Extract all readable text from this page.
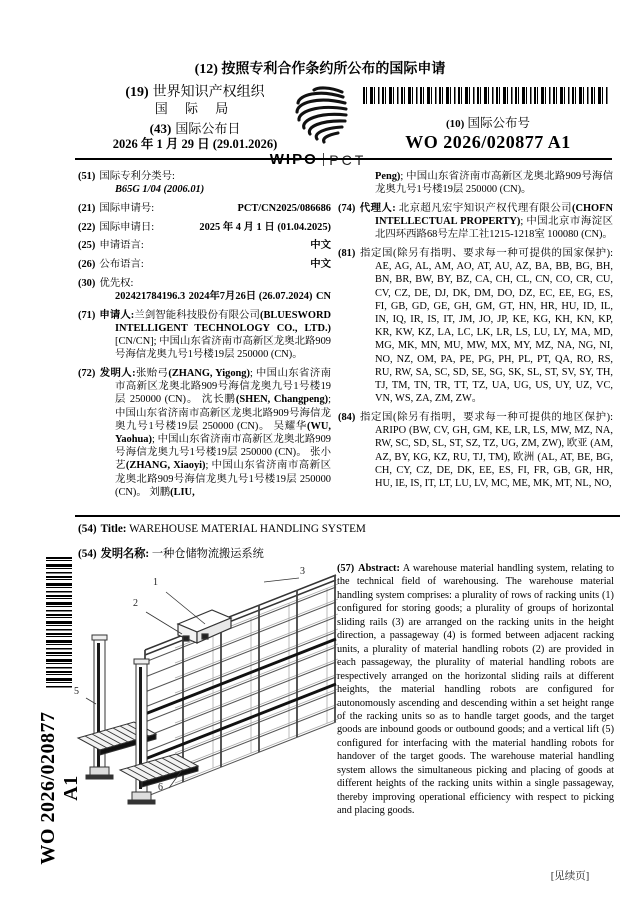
(12) 按照专利合作条约所公布的国际申请
(19) 世界知识产权组织
国 际 局
(43) 国际公布日
2026 年 1 月 29 日 (29.01.2026)
(10) 国际公布号
WO 2026/020877 A1
(51) 国际专利分类号:
B65G 1/04 (2006.01)
(21) 国际申请号:	PCT/CN2025/086686
(22) 国际申请日:	2025 年 4 月 1 日 (01.04.2025)
(25) 申请语言:	中文
(26) 公布语言:	中文
(30) 优先权:
202421784196.3 2024年7月26日 (26.07.2024) CN
(71) 申请人:兰剑智能科技股份有限公司(BLUESWORD INTELLIGENT TECHNOLOGY CO., LTD.) [CN/CN]; 中国山东省济南市高新区龙奥北路909号海信龙奥九号1号楼19层 250000 (CN)。
(72) 发明人:张贻弓(ZHANG, Yigong); 中国山东省济南市高新区龙奥北路909号海信龙奥九号1号楼19层 250000 (CN)。 沈长鹏(SHEN, Changpeng); 中国山东省济南市高新区龙奥北路909号海信龙奥九号1号楼19层 250000 (CN)。 吴耀华(WU, Yaohua); 中国山东省济南市高新区龙奥北路909号海信龙奥九号1号楼19层 250000 (CN)。 张小艺(ZHANG, Xiaoyi); 中国山东省济南市高新区龙奥北路909号海信龙奥九号1号楼19层 250000 (CN)。 刘鹏(LIU,
Peng); 中国山东省济南市高新区龙奥北路909号海信龙奥九号1号楼19层 250000 (CN)。
(74) 代理人: 北京超凡宏宇知识产权代理有限公司(CHOFN INTELLECTUAL PROPERTY); 中国北京市海淀区北四环西路68号左岸工社1215-1218室 100080 (CN)。
(81) 指定国(除另有指明、要求每一种可提供的国家保护): AE, AG, AL, AM, AO, AT, AU, AZ, BA, BB, BG, BH, BN, BR, BW, BY, BZ, CA, CH, CL, CN, CO, CR, CU, CV, CZ, DE, DJ, DK, DM, DO, DZ, EC, EE, EG, ES, FI, GB, GD, GE, GH, GM, GT, HN, HR, HU, ID, IL, IN, IQ, IR, IS, IT, JM, JO, JP, KE, KG, KH, KN, KP, KR, KW, KZ, LA, LC, LK, LR, LS, LU, LY, MA, MD, MG, MK, MN, MU, MW, MX, MY, MZ, NA, NG, NI, NO, NZ, OM, PA, PE, PG, PH, PL, PT, QA, RO, RS, RU, RW, SA, SC, SD, SE, SG, SK, SL, ST, SV, SY, TH, TJ, TM, TN, TR, TT, TZ, UA, UG, US, UY, UZ, VC, VN, WS, ZA, ZM, ZW。
(84) 指定国(除另有指明，要求每一种可提供的地区保护): ARIPO (BW, CV, GH, GM, KE, LR, LS, MW, MZ, NA, RW, SC, SD, SL, ST, SZ, TZ, UG, ZM, ZW), 欧亚 (AM, AZ, BY, KG, KZ, RU, TJ, TM), 欧洲 (AL, AT, BE, BG, CH, CY, CZ, DE, DK, EE, ES, FI, FR, GB, GR, HR, HU, IE, IS, IT, LT, LU, LV, MC, ME, MK, MT, NL, NO,
(54) Title: WAREHOUSE MATERIAL HANDLING SYSTEM
(54) 发明名称: 一种仓储物流搬运系统
1
2
3
5
6
(57) Abstract: A warehouse material handling system, relating to the technical field of warehousing. The warehouse material handling system comprises: a plurality of rows of racking units (1) configured for storing goods; a plurality of groups of horizontal sliding rails (3) are arranged on the racking units in the height direction, a passageway (4) is formed between adjacent racking units, a plurality of material handling robots (2) are provided in each passageway, the plurality of material handling robots are respectively arranged on the horizontal sliding rails at different heights, the material handling robots are configured for autonomously ascending and descending within a set height range of the racking units so as to handle target goods, and the target goods are inbound goods or outbound goods; and a vertical lift (5) configured for interfacing with the material handling robots for handover of the target goods. The warehouse material handling system allows the simultaneous picking and placing of goods at different heights of the racking units within a single passageway, thereby improving operational efficiency with respect to picking and placing goods.
WO 2026/020877 A1
[见续页]
